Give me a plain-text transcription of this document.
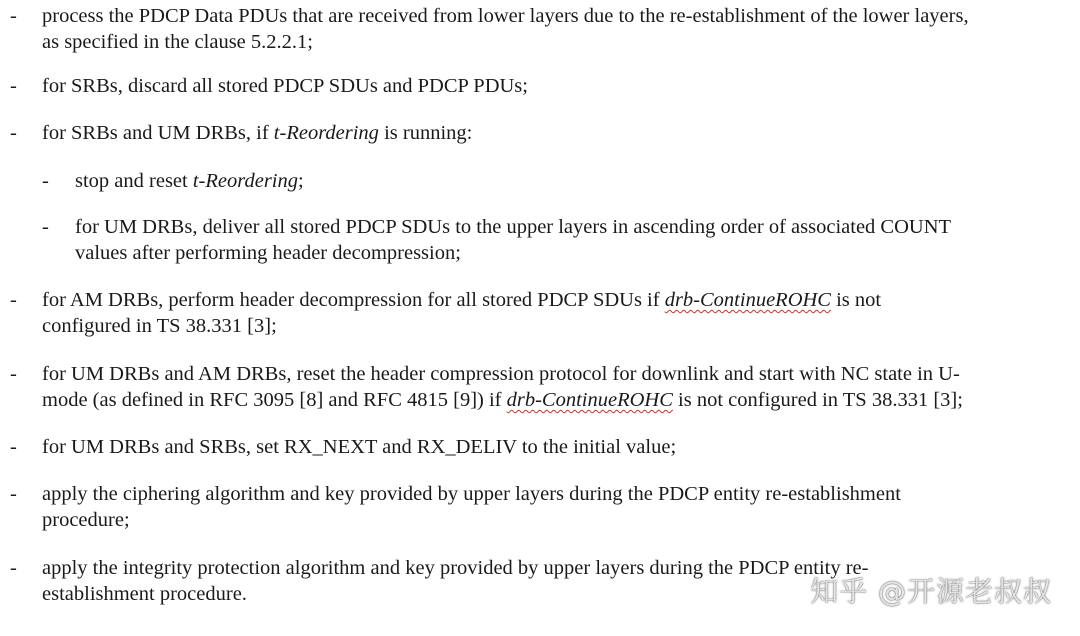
- process the PDCP Data PDUs that are received from lower layers due to the re-establishment of the lower layers,
as specified in the clause 5.2.2.1;
- for SRBs, discard all stored PDCP SDUs and PDCP PDUs;
- for SRBs and UM DRBs, if t-Reordering is running:
- stop and reset t-Reordering;
- for UM DRBs, deliver all stored PDCP SDUs to the upper layers in ascending order of associated COUNT
values after performing header decompression;
- for AM DRBs, perform header decompression for all stored PDCP SDUs if drb-ContinueROHC is not
configured in TS 38.331 [3];
- for UM DRBs and AM DRBs, reset the header compression protocol for downlink and start with NC state in U-
mode (as defined in RFC 3095 [8] and RFC 4815 [9]) if drb-ContinueROHC is not configured in TS 38.331 [3];
- for UM DRBs and SRBs, set RX_NEXT and RX_DELIV to the initial value;
- apply the ciphering algorithm and key provided by upper layers during the PDCP entity re-establishment
procedure;
- apply the integrity protection algorithm and key provided by upper layers during the PDCP entity re-
establishment procedure.	知乎 @开源老叔叔
